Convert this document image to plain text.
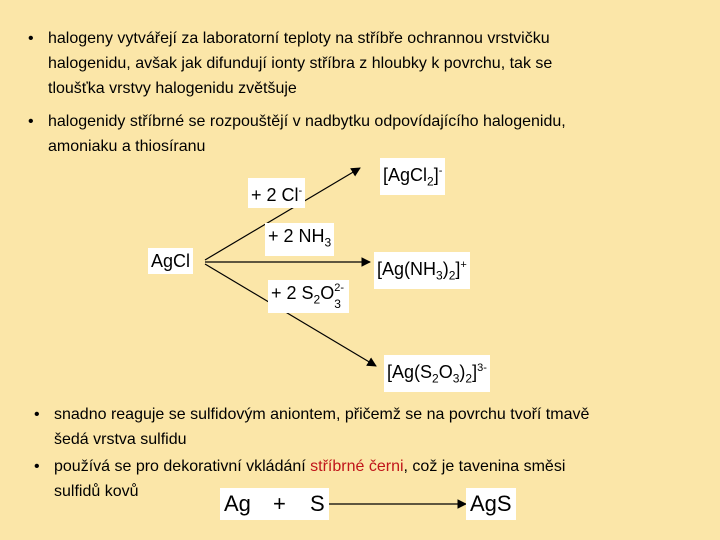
• halogeny vytvářejí za laboratorní teploty na stříbře ochrannou vrstvičku
halogenidu, avšak jak difundují ionty stříbra z hloubky k povrchu, tak se
tloušťka vrstvy halogenidu zvětšuje
• halogenidy stříbrné se rozpouštějí v nadbytku odpovídajícího halogenidu,
amoniaku a thiosíranu
AgCl
+ 2 Cl-
+ 2 $NH_3$
+ 2 $S_2O$ 2-
3
[AgCl$_2$]-
$[Ag(NH_3)_2]^+$
$[Ag(S_2O_3)_2]^{3-}$
• snadno reaguje se sulfidovým aniontem, přičemž se na povrchu tvoří tmavě
šedá vrstva sulfidu
• používá se pro dekorativní vkládání stříbrné černi, což je tavenina směsi
sulfidů kovů	Ag + S	AgS
